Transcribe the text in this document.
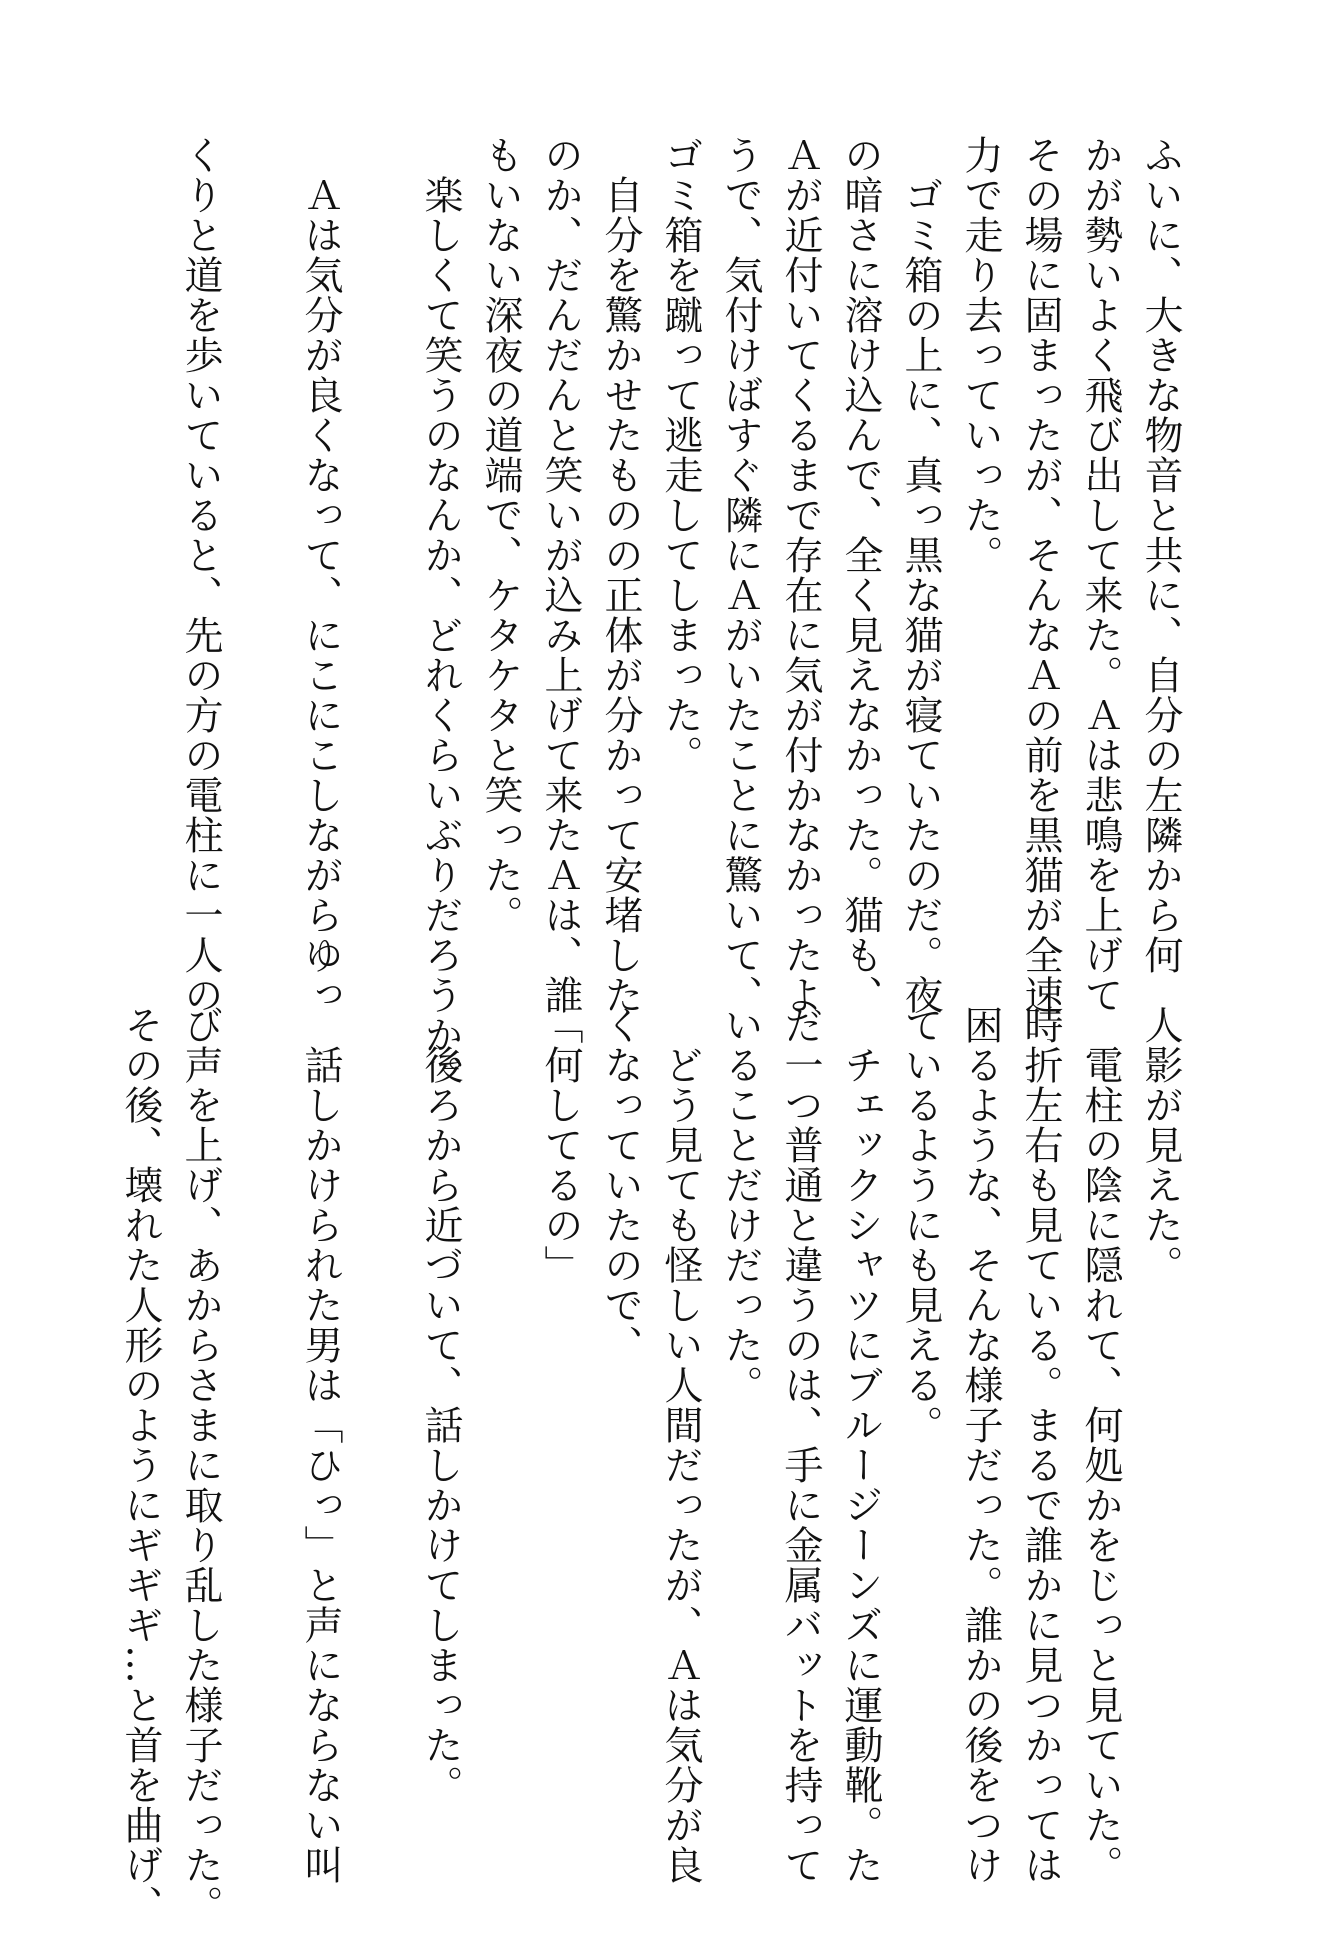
ふいに、大きな物音と共に、自分の左隣から何
かが勢いよく飛び出して来た。Ａは悲鳴を上げて
その場に固まったが、そんなＡの前を黒猫が全速
力で走り去っていった。
　ゴミ箱の上に、真っ黒な猫が寝ていたのだ。夜
の暗さに溶け込んで、全く見えなかった。猫も、
Ａが近付いてくるまで存在に気が付かなかったよ
うで、気付けばすぐ隣にＡがいたことに驚いて、
ゴミ箱を蹴って逃走してしまった。
　自分を驚かせたものの正体が分かって安堵した
のか、だんだんと笑いが込み上げて来たＡは、誰
もいない深夜の道端で、ケタケタと笑った。
　楽しくて笑うのなんか、どれくらいぶりだろうか。
　Ａは気分が良くなって、にこにこしながらゆっ
くりと道を歩いていると、先の方の電柱に一人の
人影が見えた。
　電柱の陰に隠れて、何処かをじっと見ていた。
時折左右も見ている。まるで誰かに見つかっては
困るような、そんな様子だった。誰かの後をつけ
ているようにも見える。
　チェックシャツにブルージーンズに運動靴。た
だ一つ普通と違うのは、手に金属バットを持って
いることだけだった。
　どう見ても怪しい人間だったが、Ａは気分が良
くなっていたので、
「何してるの」
　後ろから近づいて、話しかけてしまった。
　話しかけられた男は「ひっ」と声にならない叫
び声を上げ、あからさまに取り乱した様子だった。
その後、壊れた人形のようにギギギ…と首を曲げ、
